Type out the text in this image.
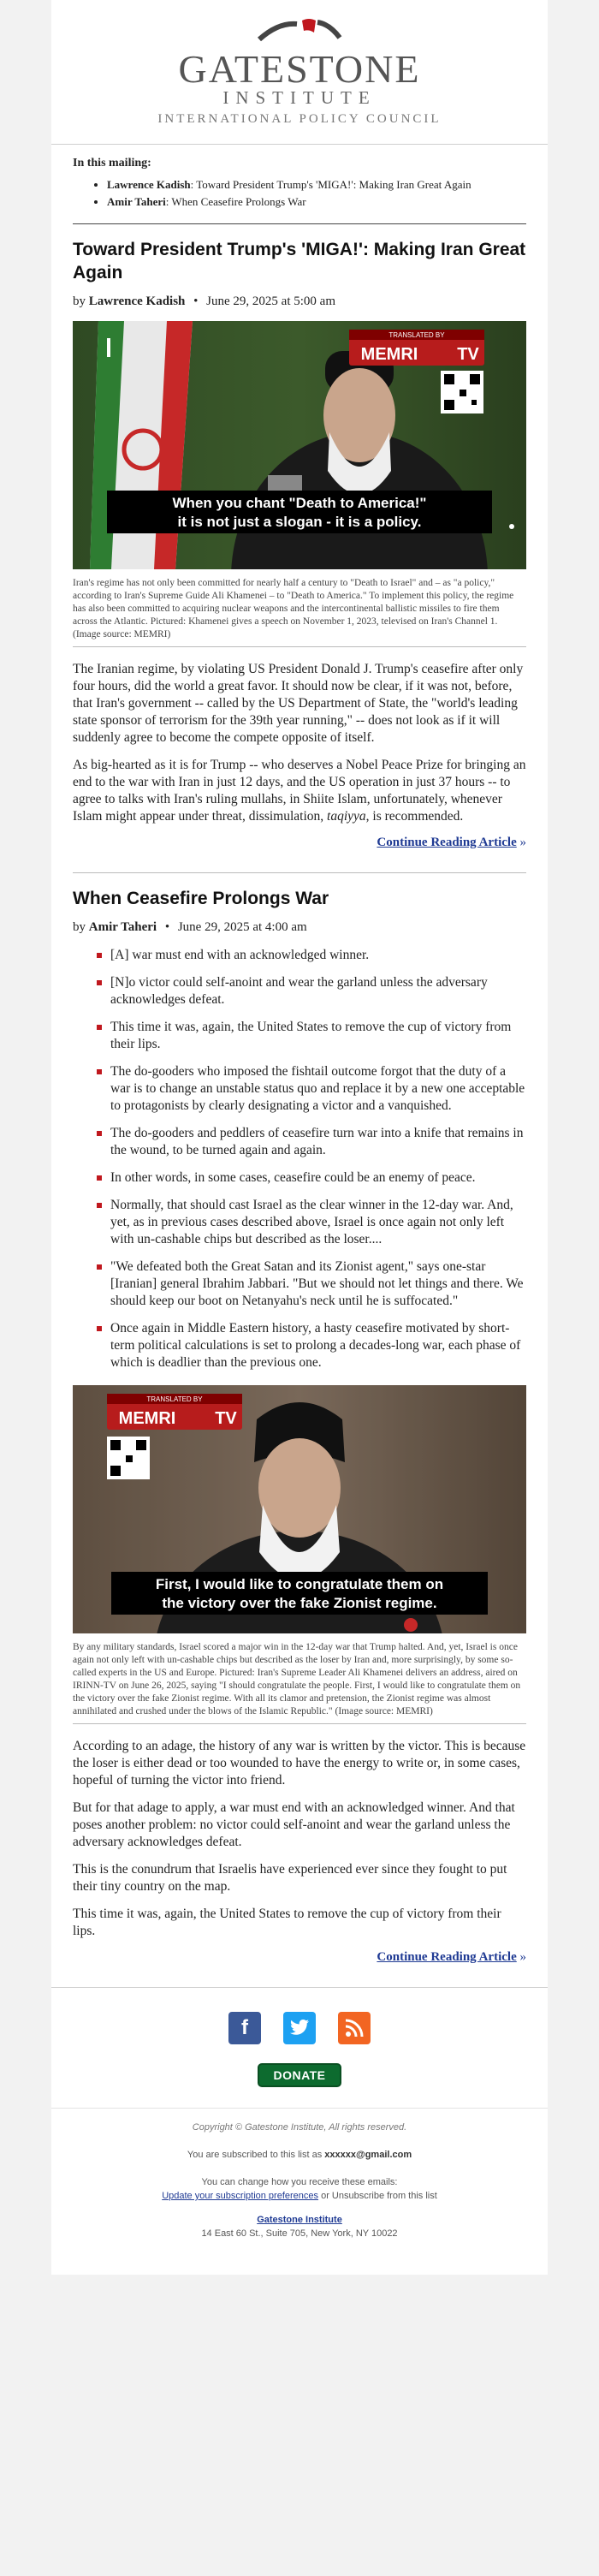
GATESTONE
INSTITUTE
INTERNATIONAL POLICY COUNCIL
In this mailing:
• Lawrence Kadish: Toward President Trump's 'MIGA!': Making Iran Great Again
• Amir Taheri: When Ceasefire Prolongs War
Toward President Trump's 'MIGA!': Making Iran Great Again
by Lawrence Kadish • June 29, 2025 at 5:00 am
TRANSLATED BY
MEMRI TV
When you chant "Death to America!"
it is not just a slogan - it is a policy.
Iran's regime has not only been committed for nearly half a century to "Death to Israel" and – as "a policy," according to Iran's Supreme Guide Ali Khamenei – to "Death to America." To implement this policy, the regime has also been committed to acquiring nuclear weapons and the intercontinental ballistic missiles to fire them across the Atlantic. Pictured: Khamenei gives a speech on November 1, 2023, televised on Iran's Channel 1. (Image source: MEMRI)

The Iranian regime, by violating US President Donald J. Trump's ceasefire after only four hours, did the world a great favor. It should now be clear, if it was not, before, that Iran's government -- called by the US Department of State, the "world's leading state sponsor of terrorism for the 39th year running," -- does not look as if it will suddenly agree to become the compete opposite of itself.

As big-hearted as it is for Trump -- who deserves a Nobel Peace Prize for bringing an end to the war with Iran in just 12 days, and the US operation in just 37 hours -- to agree to talks with Iran's ruling mullahs, in Shiite Islam, unfortunately, whenever Islam might appear under threat, dissimulation, taqiyya, is recommended.

Continue Reading Article »
When Ceasefire Prolongs War
by Amir Taheri • June 29, 2025 at 4:00 am
[A] war must end with an acknowledged winner.
[N]o victor could self-anoint and wear the garland unless the adversary acknowledges defeat.
This time it was, again, the United States to remove the cup of victory from their lips.
The do-gooders who imposed the fishtail outcome forgot that the duty of a war is to change an unstable status quo and replace it by a new one acceptable to protagonists by clearly designating a victor and a vanquished.
The do-gooders and peddlers of ceasefire turn war into a knife that remains in the wound, to be turned again and again.
In other words, in some cases, ceasefire could be an enemy of peace.
Normally, that should cast Israel as the clear winner in the 12-day war. And, yet, as in previous cases described above, Israel is once again not only left with un-cashable chips but described as the loser....
"We defeated both the Great Satan and its Zionist agent," says one-star [Iranian] general Ibrahim Jabbari. "But we should not let things and there. We should keep our boot on Netanyahu's neck until he is suffocated."
Once again in Middle Eastern history, a hasty ceasefire motivated by short-term political calculations is set to prolong a decades-long war, each phase of which is deadlier than the previous one.
TRANSLATED BY
MEMRI TV
First, I would like to congratulate them on
the victory over the fake Zionist regime.
By any military standards, Israel scored a major win in the 12-day war that Trump halted. And, yet, Israel is once again not only left with un-cashable chips but described as the loser by Iran and, more surprisingly, by some so-called experts in the US and Europe. Pictured: Iran's Supreme Leader Ali Khamenei delivers an address, aired on IRINN-TV on June 26, 2025, saying "I should congratulate the people. First, I would like to congratulate them on the victory over the fake Zionist regime. With all its clamor and pretension, the Zionist regime was almost annihilated and crushed under the blows of the Islamic Republic." (Image source: MEMRI)

According to an adage, the history of any war is written by the victor. This is because the loser is either dead or too wounded to have the energy to write or, in some cases, hopeful of turning the victor into friend.

But for that adage to apply, a war must end with an acknowledged winner. And that poses another problem: no victor could self-anoint and wear the garland unless the adversary acknowledges defeat.

This is the conundrum that Israelis have experienced ever since they fought to put their tiny country on the map.

This time it was, again, the United States to remove the cup of victory from their lips.

Continue Reading Article »
f
DONATE
Copyright © Gatestone Institute, All rights reserved.
You are subscribed to this list as xxxxxx@gmail.com
You can change how you receive these emails:
Update your subscription preferences or Unsubscribe from this list
Gatestone Institute
14 East 60 St., Suite 705, New York, NY 10022
